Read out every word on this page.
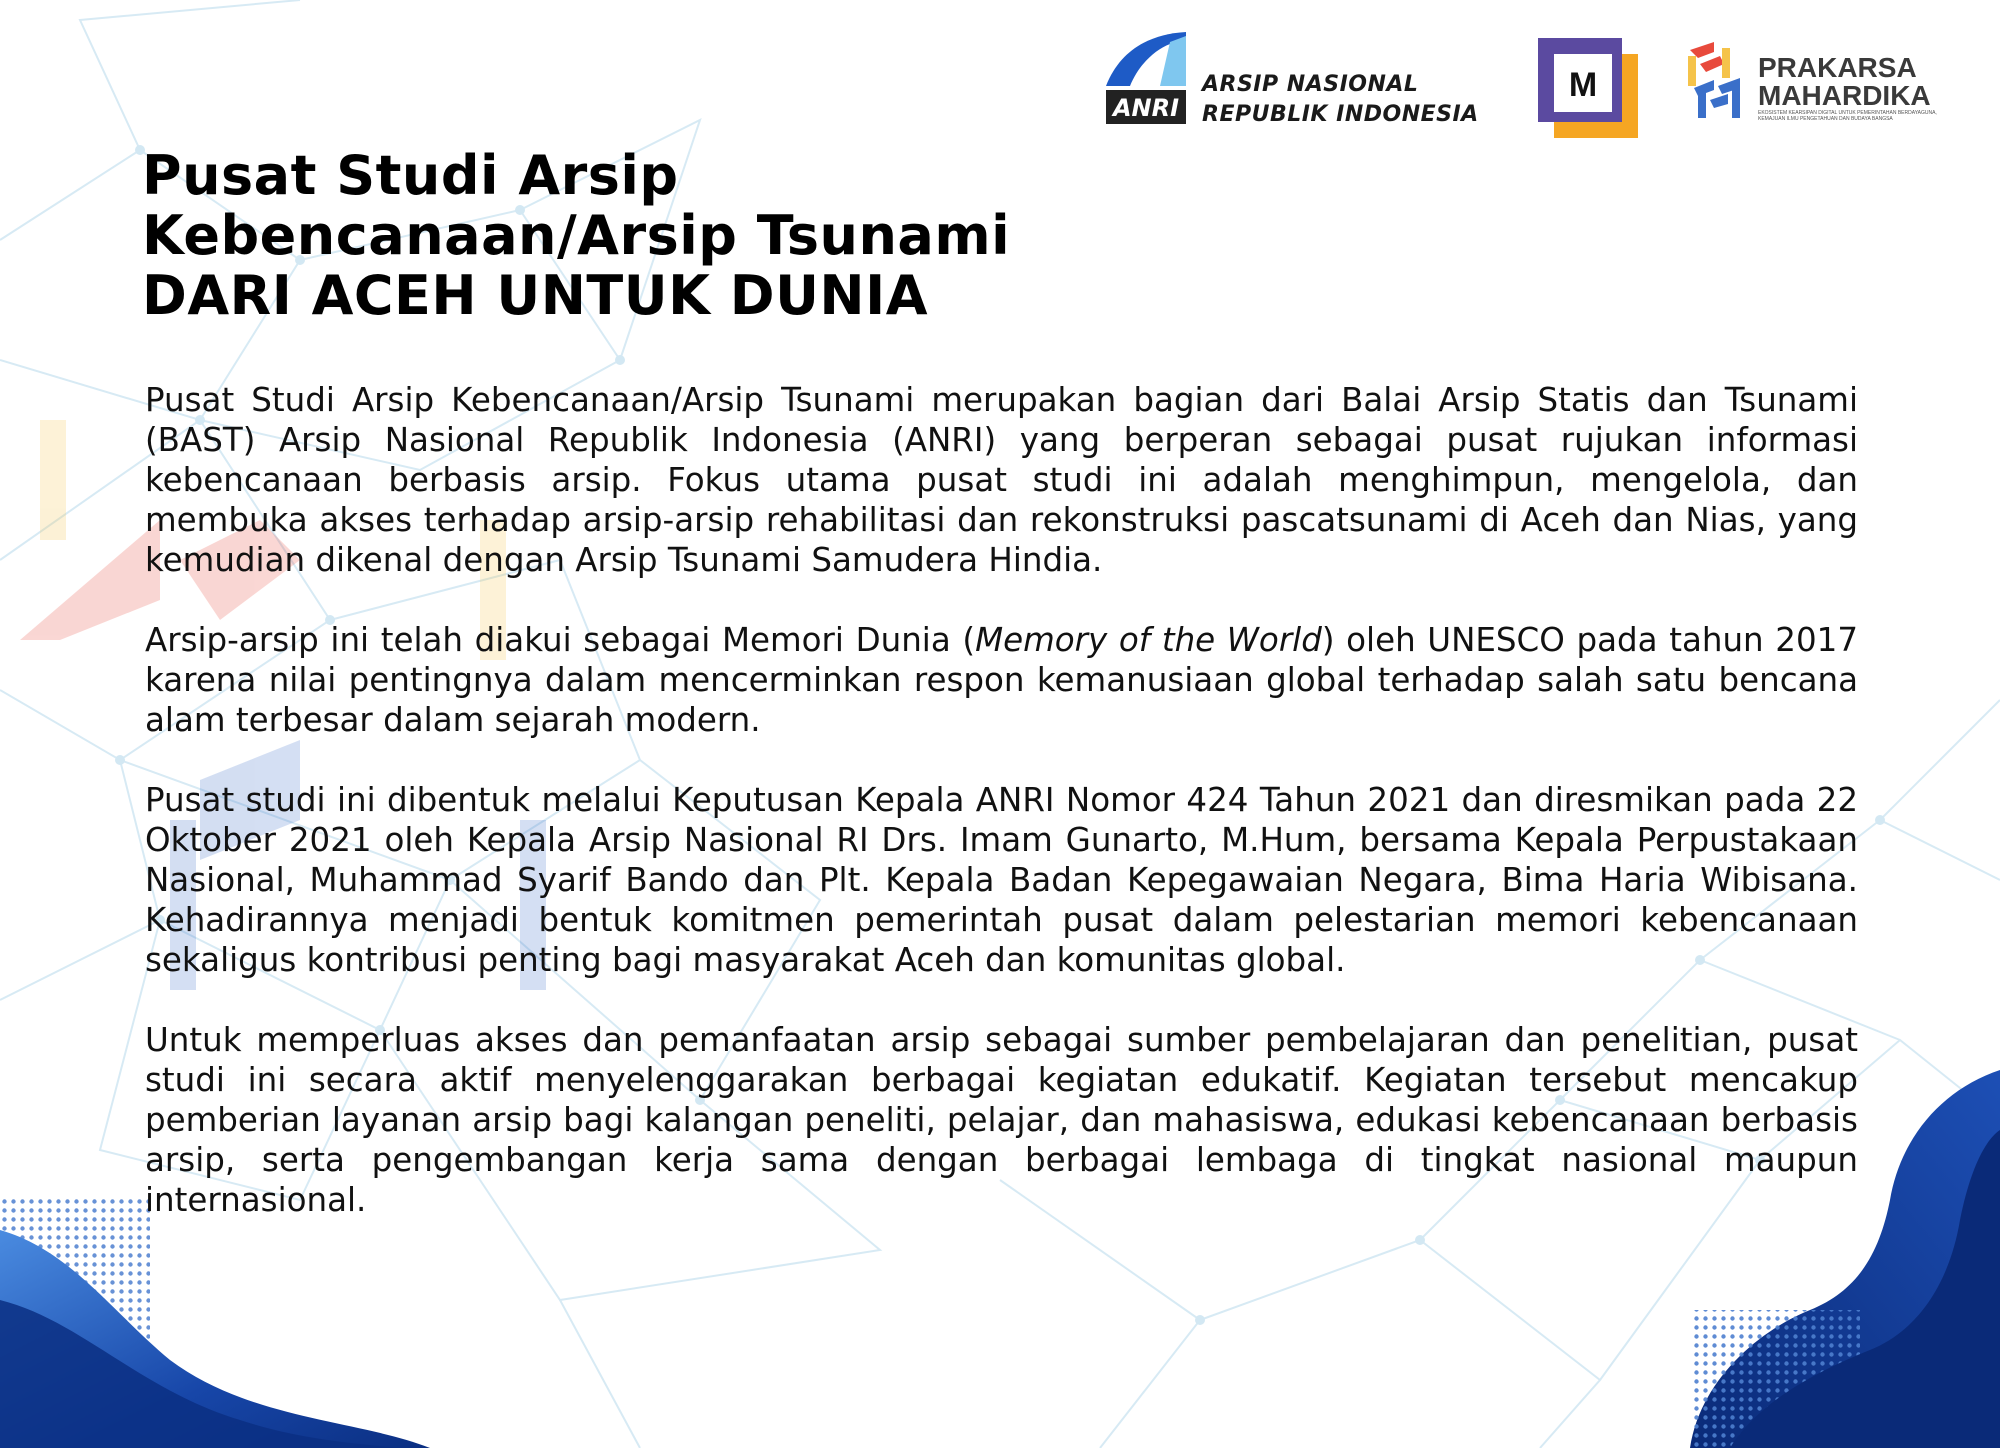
ANRI
ARSIP NASIONAL
REPUBLIK INDONESIA
M	PRAKARSA
MAHARDIKA
EKOSISTEM KEARSIPAN DIGITAL UNTUK PEMERINTAHAN BERDAYAGUNA,
KEMAJUAN ILMU PENGETAHUAN DAN BUDAYA BANGSA
Pusat Studi Arsip
Kebencanaan/Arsip Tsunami
DARI ACEH UNTUK DUNIA

Pusat Studi Arsip Kebencanaan/Arsip Tsunami merupakan bagian dari Balai Arsip Statis dan Tsunami (BAST) Arsip Nasional Republik Indonesia (ANRI) yang berperan sebagai pusat rujukan informasi kebencanaan berbasis arsip. Fokus utama pusat studi ini adalah menghimpun, mengelola, dan membuka akses terhadap arsip-arsip rehabilitasi dan rekonstruksi pascatsunami di Aceh dan Nias, yang kemudian dikenal dengan Arsip Tsunami Samudera Hindia.

Arsip-arsip ini telah diakui sebagai Memori Dunia (Memory of the World) oleh UNESCO pada tahun 2017 karena nilai pentingnya dalam mencerminkan respon kemanusiaan global terhadap salah satu bencana alam terbesar dalam sejarah modern.

Pusat studi ini dibentuk melalui Keputusan Kepala ANRI Nomor 424 Tahun 2021 dan diresmikan pada 22 Oktober 2021 oleh Kepala Arsip Nasional RI Drs. Imam Gunarto, M.Hum, bersama Kepala Perpustakaan Nasional, Muhammad Syarif Bando dan Plt. Kepala Badan Kepegawaian Negara, Bima Haria Wibisana. Kehadirannya menjadi bentuk komitmen pemerintah pusat dalam pelestarian memori kebencanaan sekaligus kontribusi penting bagi masyarakat Aceh dan komunitas global.

Untuk memperluas akses dan pemanfaatan arsip sebagai sumber pembelajaran dan penelitian, pusat studi ini secara aktif menyelenggarakan berbagai kegiatan edukatif. Kegiatan tersebut mencakup pemberian layanan arsip bagi kalangan peneliti, pelajar, dan mahasiswa, edukasi kebencanaan berbasis arsip, serta pengembangan kerja sama dengan berbagai lembaga di tingkat nasional maupun internasional.
